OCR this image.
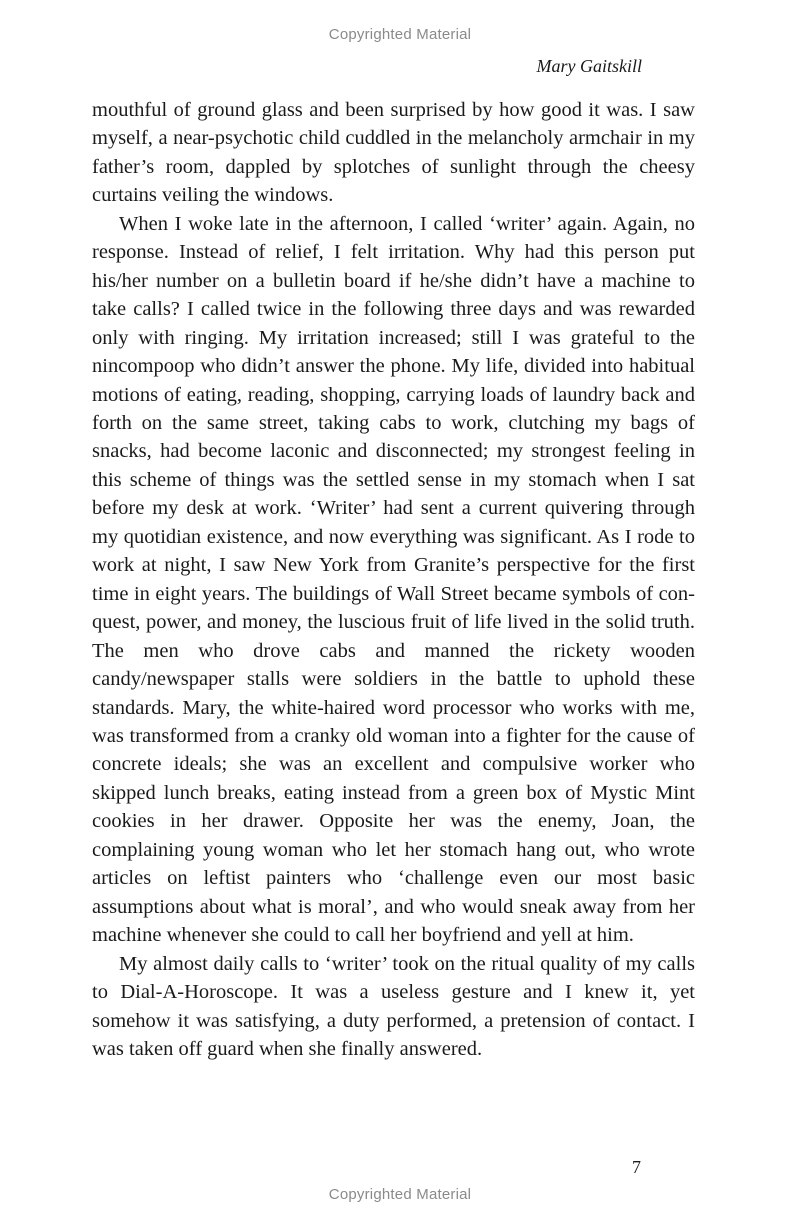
Copyrighted Material
Mary Gaitskill

mouthful of ground glass and been surprised by how good it was. I saw myself, a near-psychotic child cuddled in the melancholy armchair in my father’s room, dappled by splotches of sunlight through the cheesy curtains veiling the windows.

When I woke late in the afternoon, I called ‘writer’ again. Again, no response. Instead of relief, I felt irritation. Why had this person put his/her number on a bulletin board if he/she didn’t have a machine to take calls? I called twice in the following three days and was rewarded only with ringing. My irritation increased; still I was grateful to the nincompoop who didn’t answer the phone. My life, divided into habitual motions of eating, reading, shopping, carrying loads of laundry back and forth on the same street, taking cabs to work, clutching my bags of snacks, had become laconic and disconnected; my strongest feeling in this scheme of things was the settled sense in my stomach when I sat before my desk at work. ‘Writer’ had sent a current quivering through my quotidian existence, and now everything was significant. As I rode to work at night, I saw New York from Granite’s perspective for the first time in eight years. The buildings of Wall Street became symbols of conquest, power, and money, the luscious fruit of life lived in the solid truth. The men who drove cabs and manned the rickety wooden candy/newspaper stalls were soldiers in the battle to uphold these standards. Mary, the white-haired word processor who works with me, was transformed from a cranky old woman into a fighter for the cause of concrete ideals; she was an excellent and compulsive worker who skipped lunch breaks, eating instead from a green box of Mystic Mint cookies in her drawer. Opposite her was the enemy, Joan, the complaining young woman who let her stomach hang out, who wrote articles on leftist painters who ‘challenge even our most basic assumptions about what is moral’, and who would sneak away from her machine whenever she could to call her boyfriend and yell at him.

My almost daily calls to ‘writer’ took on the ritual quality of my calls to Dial-A-Horoscope. It was a useless gesture and I knew it, yet somehow it was satisfying, a duty performed, a pretension of contact. I was taken off guard when she finally answered.

7
Copyrighted Material
